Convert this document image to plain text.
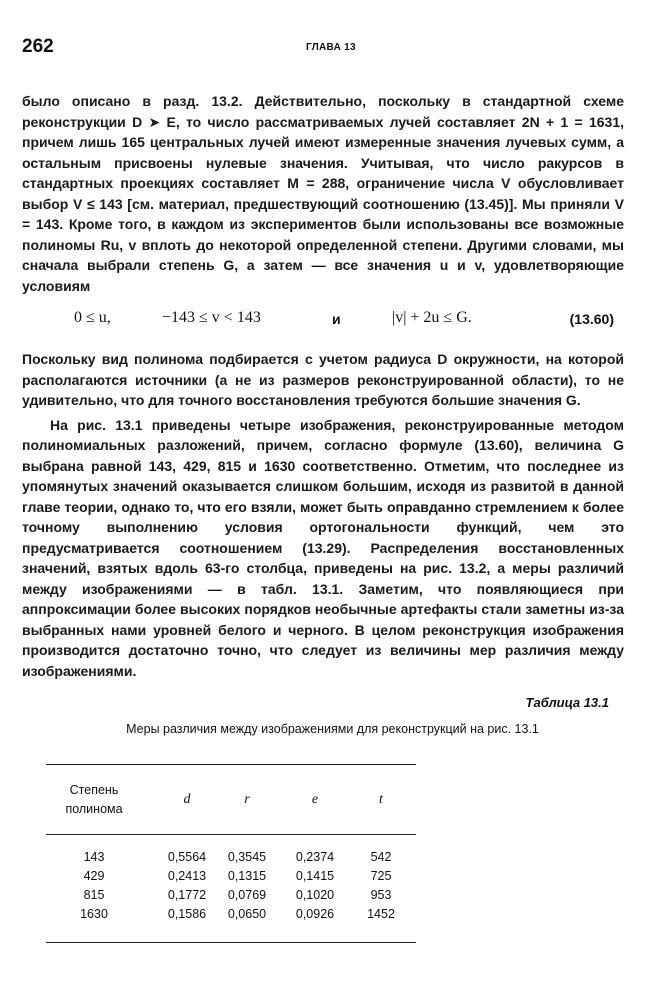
262	ГЛАВА 13

было описано в разд. 13.2. Действительно, поскольку в стандартной схеме реконструкции D ➤ E, то число рассматриваемых лучей составляет 2N + 1 = 1631, причем лишь 165 центральных лучей имеют измеренные значения лучевых сумм, а остальным присвоены нулевые значения. Учитывая, что число ракурсов в стандартных проекциях составляет M = 288, ограничение числа V обусловливает выбор V ≤ 143 [см. материал, предшествующий соотношению (13.45)]. Мы приняли V = 143. Кроме того, в каждом из экспериментов были использованы все возможные полиномы Ru, v вплоть до некоторой определенной степени. Другими словами, мы сначала выбрали степень G, а затем — все значения u и v, удовлетворяющие условиям

0 ≤ u,	−143 ≤ v < 143	и	|v| + 2u ≤ G.	(13.60)

Поскольку вид полинома подбирается с учетом радиуса D окружности, на которой располагаются источники (а не из размеров реконструированной области), то не удивительно, что для точного восстановления требуются большие значения G.

На рис. 13.1 приведены четыре изображения, реконструированные методом полиномиальных разложений, причем, согласно формуле (13.60), величина G выбрана равной 143, 429, 815 и 1630 соответственно. Отметим, что последнее из упомянутых значений оказывается слишком большим, исходя из развитой в данной главе теории, однако то, что его взяли, может быть оправданно стремлением к более точному выполнению условия ортогональности функций, чем это предусматривается соотношением (13.29). Распределения восстановленных значений, взятых вдоль 63-го столбца, приведены на рис. 13.2, а меры различий между изображениями — в табл. 13.1. Заметим, что появляющиеся при аппроксимации более высоких порядков необычные артефакты стали заметны из-за выбранных нами уровней белого и черного. В целом реконструкция изображения производится достаточно точно, что следует из величины мер различия между изображениями.

Таблица 13.1
Меры различия между изображениями для реконструкций на рис. 13.1
Степень
полинома
d	r	e	t
143	0,5564	0,3545	0,2374	542
429	0,2413	0,1315	0,1415	725
815	0,1772	0,0769	0,1020	953
1630	0,1586	0,0650	0,0926	1452
